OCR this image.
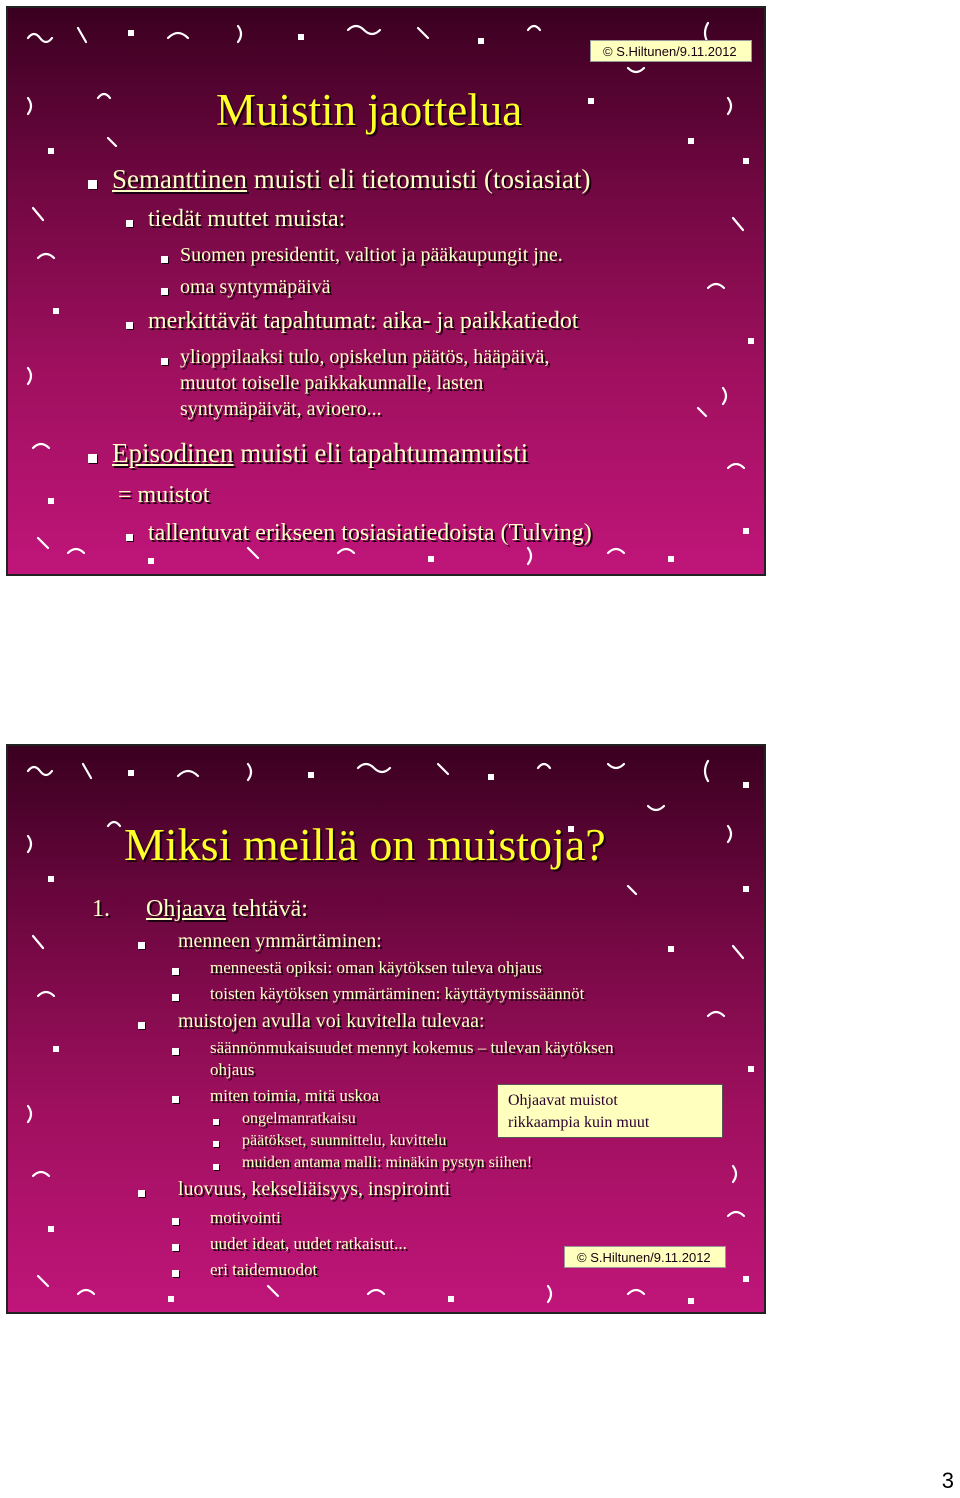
© S.Hiltunen/9.11.2012
Muistin jaottelua
Semanttinen muisti eli tietomuisti (tosiasiat)
tiedät muttet muista:
Suomen presidentit, valtiot ja pääkaupungit jne.
oma syntymäpäivä
merkittävät tapahtumat: aika- ja paikkatiedot
ylioppilaaksi tulo, opiskelun päätös, hääpäivä,
muutot toiselle paikkakunnalle, lasten
syntymäpäivät, avioero...
Episodinen muisti eli tapahtumamuisti
= muistot
tallentuvat erikseen tosiasiatiedoista (Tulving)
Miksi meillä on muistoja?
1. Ohjaava tehtävä:
menneen ymmärtäminen:
menneestä opiksi: oman käytöksen tuleva ohjaus
toisten käytöksen ymmärtäminen: käyttäytymissäännöt
muistojen avulla voi kuvitella tulevaa:
säännönmukaisuudet mennyt kokemus – tulevan käytöksen
ohjaus
miten toimia, mitä uskoa
ongelmanratkaisu
päätökset, suunnittelu, kuvittelu
muiden antama malli: minäkin pystyn siihen!
Ohjaavat muistot
rikkaampia kuin muut
luovuus, kekseliäisyys, inspirointi
motivointi
uudet ideat, uudet ratkaisut...
eri taidemuodot
© S.Hiltunen/9.11.2012
3
